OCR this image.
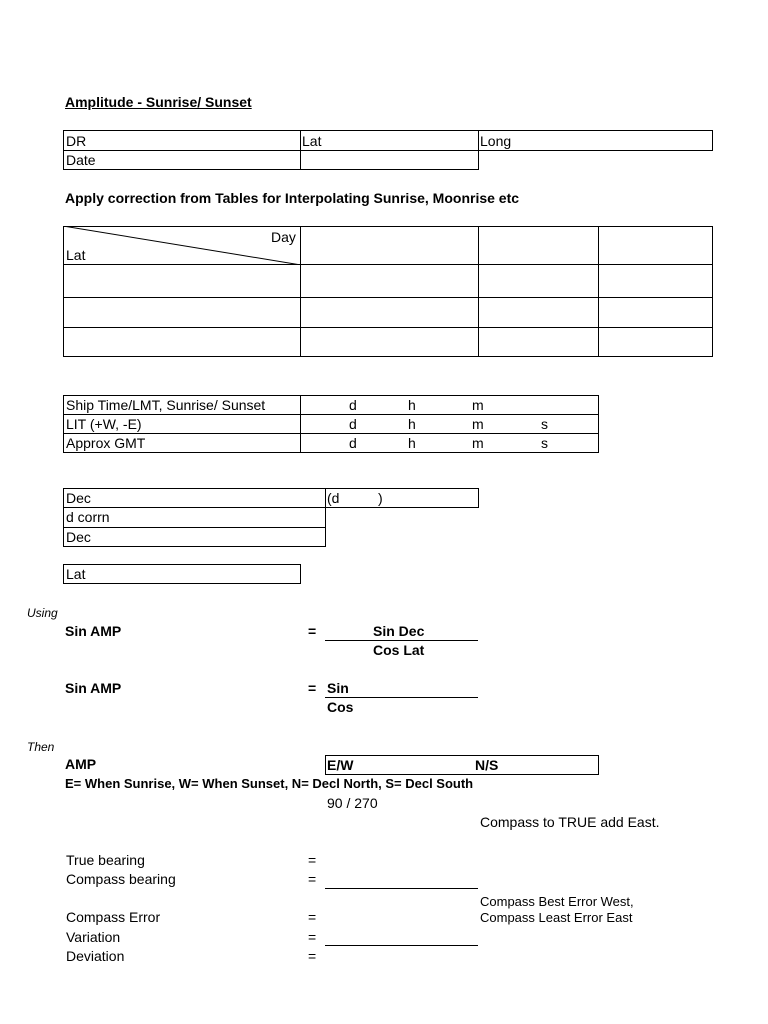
Amplitude - Sunrise/ Sunset
DR	Lat	Long
Date
Apply correction from Tables for Interpolating Sunrise, Moonrise etc
Day
Lat
Ship Time/LMT, Sunrise/ Sunset	d	h	m
LIT (+W, -E)	d	h	m	s
Approx GMT	d	h	m	s
Dec	(d	)
d corrn
Dec
Lat
Using
Sin AMP	=	Sin Dec
Cos Lat
Sin AMP	= Sin
Cos
Then
AMP	E/W	N/S
E= When Sunrise, W= When Sunset, N= Decl North, S= Decl South
90 / 270
Compass to TRUE add East.
True bearing	=
Compass bearing	=
Compass Best Error West,
Compass Least Error East
Compass Error	=
Variation	=
Deviation	=
